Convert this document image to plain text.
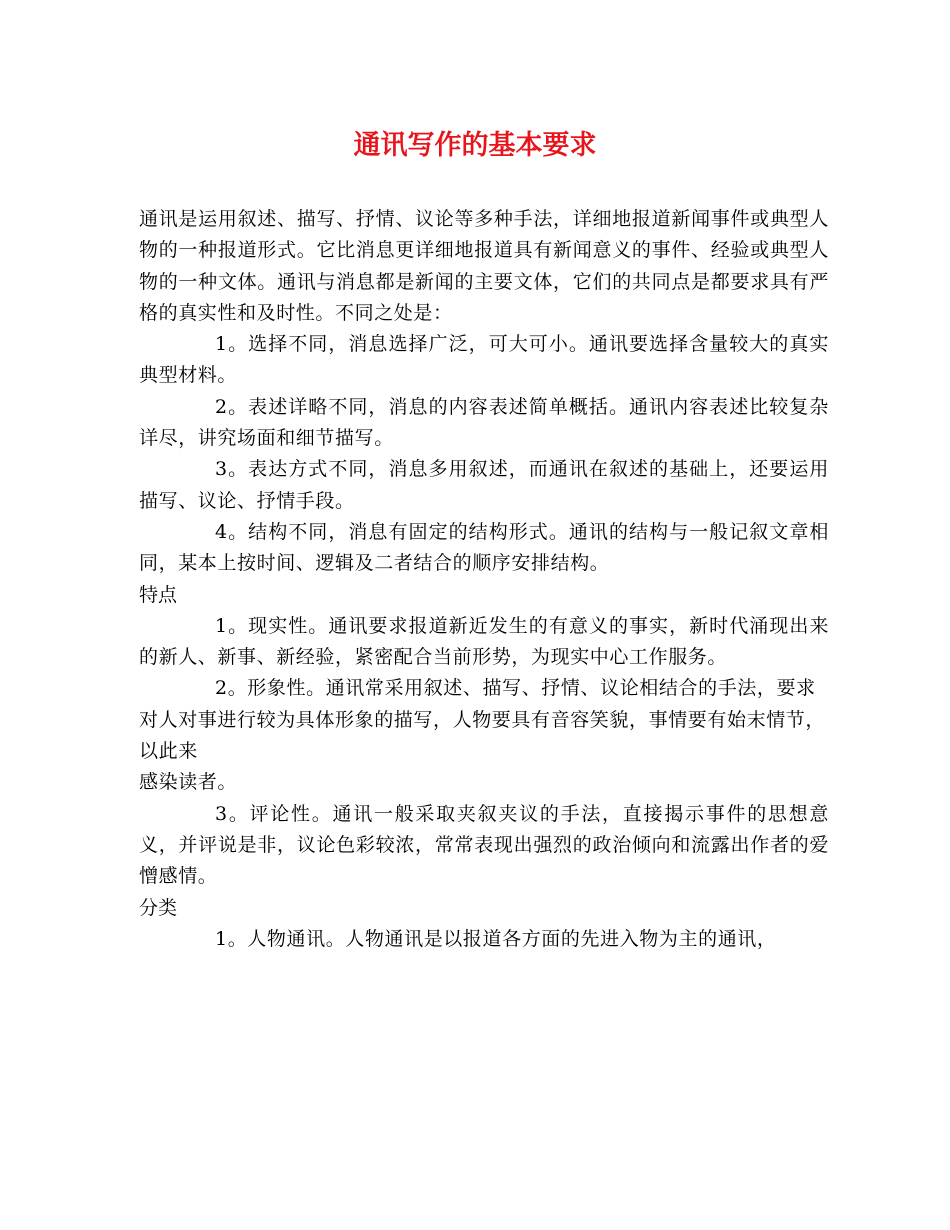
通讯写作的基本要求

通讯是运用叙述、描写、抒情、议论等多种手法，详细地报道新闻事件或典型人物的一种报道形式。它比消息更详细地报道具有新闻意义的事件、经验或典型人物的一种文体。通讯与消息都是新闻的主要文体，它们的共同点是都要求具有严格的真实性和及时性。不同之处是：

1。选择不同，消息选择广泛，可大可小。通讯要选择含量较大的真实典型材料。

2。表述详略不同，消息的内容表述简单概括。通讯内容表述比较复杂详尽，讲究场面和细节描写。

3。表达方式不同，消息多用叙述，而通讯在叙述的基础上，还要运用描写、议论、抒情手段。

4。结构不同，消息有固定的结构形式。通讯的结构与一般记叙文章相同，某本上按时间、逻辑及二者结合的顺序安排结构。

特点

1。现实性。通讯要求报道新近发生的有意义的事实，新时代涌现出来的新人、新事、新经验，紧密配合当前形势，为现实中心工作服务。

2。形象性。通讯常采用叙述、描写、抒情、议论相结合的手法，要求对人对事进行较为具体形象的描写，人物要具有音容笑貌，事情要有始末情节，以此来

感染读者。

3。评论性。通讯一般采取夹叙夹议的手法，直接揭示事件的思想意义，并评说是非，议论色彩较浓，常常表现出强烈的政治倾向和流露出作者的爱憎感情。

分类

1。人物通讯。人物通讯是以报道各方面的先进入物为主的通讯，
